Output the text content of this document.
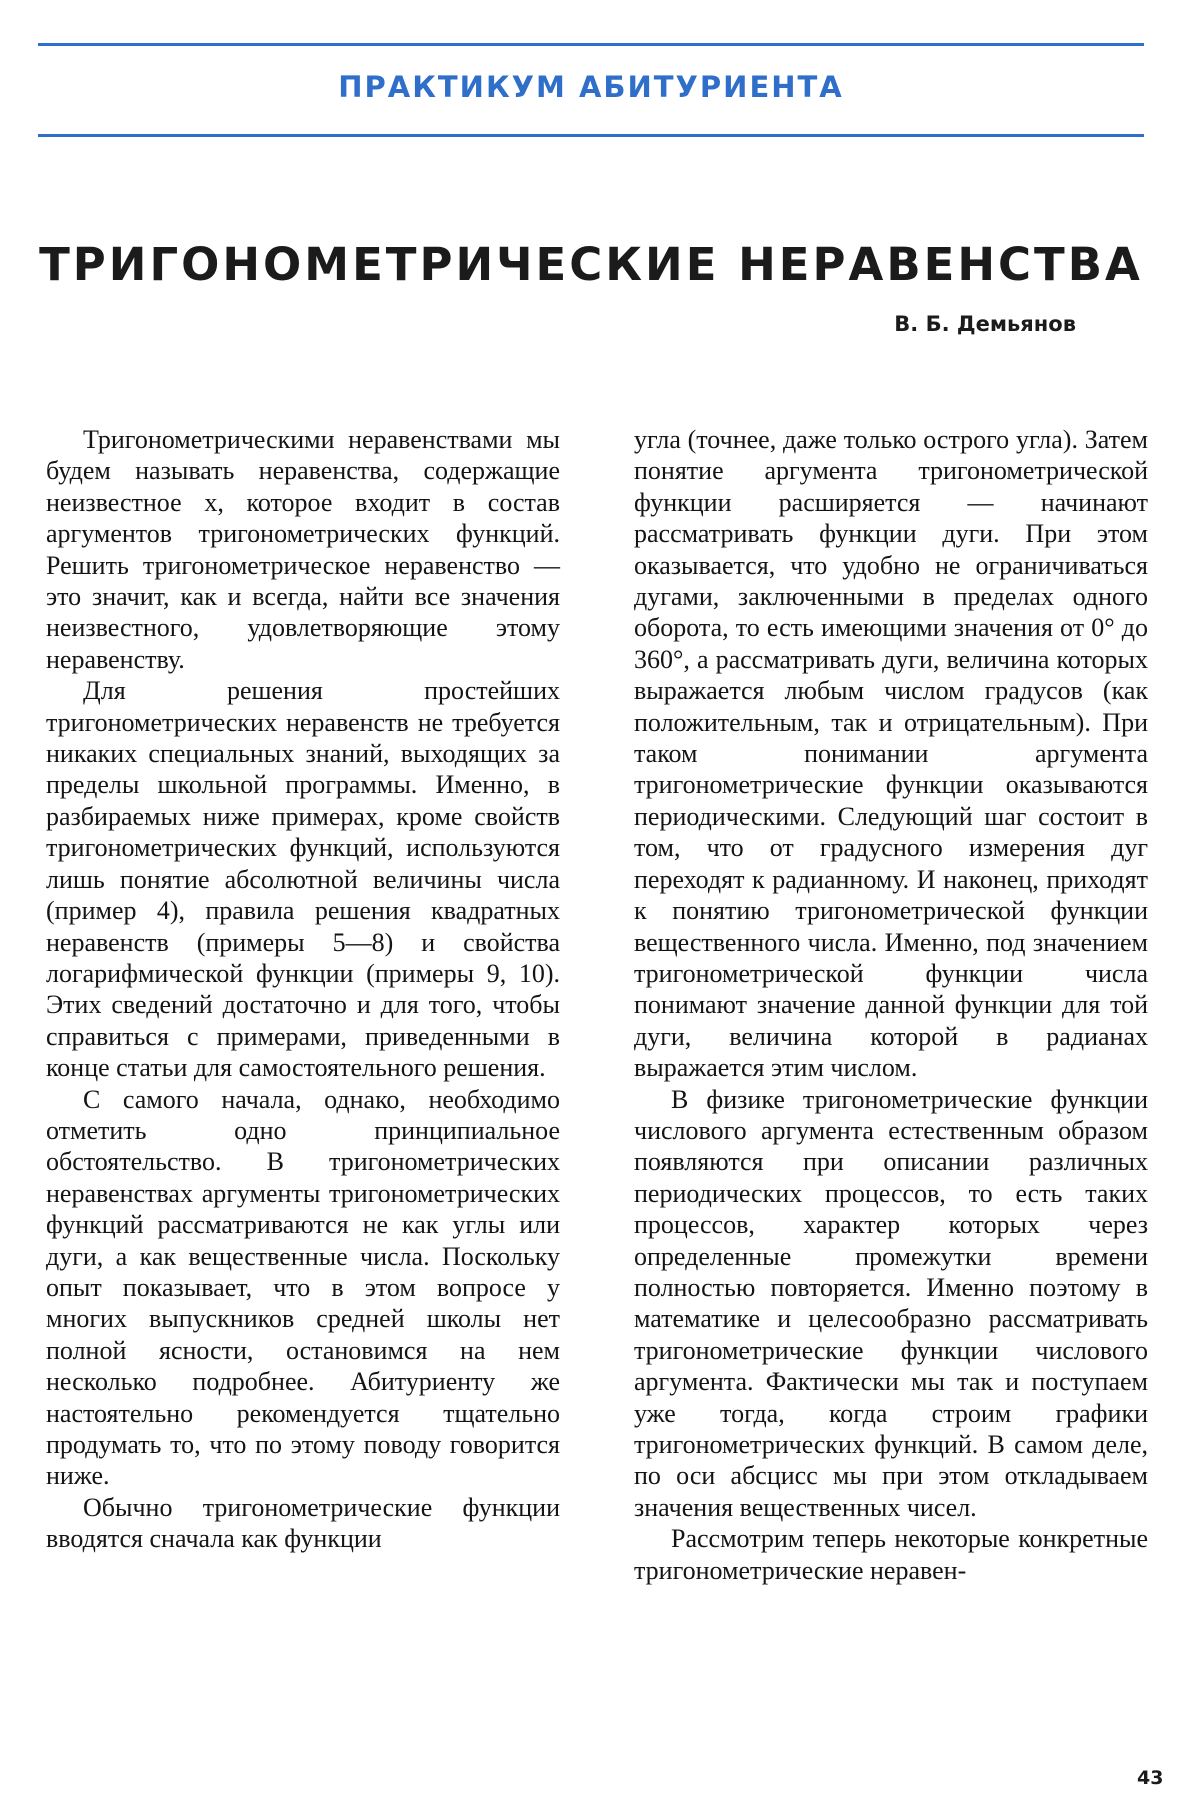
ПРАКТИКУМ АБИТУРИЕНТА
ТРИГОНОМЕТРИЧЕСКИЕ НЕРАВЕНСТВА
В. Б. Демьянов

Тригонометрическими неравенствами мы будем называть неравенства, содержащие неизвестное x, которое входит в состав аргументов тригонометрических функций. Решить тригонометрическое неравенство — это значит, как и всегда, найти все значения неизвестного, удовлетворяющие этому неравенству.

Для решения простейших тригонометрических неравенств не требуется никаких специальных знаний, выходящих за пределы школьной программы. Именно, в разбираемых ниже примерах, кроме свойств тригонометрических функций, используются лишь понятие абсолютной величины числа (пример 4), правила решения квадратных неравенств (примеры 5—8) и свойства логарифмической функции (примеры 9, 10). Этих сведений достаточно и для того, чтобы справиться с примерами, приведенными в конце статьи для самостоятельного решения.

С самого начала, однако, необходимо отметить одно принципиальное обстоятельство. В тригонометрических неравенствах аргументы тригонометрических функций рассматриваются не как углы или дуги, а как вещественные числа. Поскольку опыт показывает, что в этом вопросе у многих выпускников средней школы нет полной ясности, остановимся на нем несколько подробнее. Абитуриенту же настоятельно рекомендуется тщательно продумать то, что по этому поводу говорится ниже.

Обычно тригонометрические функции вводятся сначала как функции

угла (точнее, даже только острого угла). Затем понятие аргумента тригонометрической функции расширяется — начинают рассматривать функции дуги. При этом оказывается, что удобно не ограничиваться дугами, заключенными в пределах одного оборота, то есть имеющими значения от 0° до 360°, а рассматривать дуги, величина которых выражается любым числом градусов (как положительным, так и отрицательным). При таком понимании аргумента тригонометрические функции оказываются периодическими. Следующий шаг состоит в том, что от градусного измерения дуг переходят к радианному. И наконец, приходят к понятию тригонометрической функции вещественного числа. Именно, под значением тригонометрической функции числа понимают значение данной функции для той дуги, величина которой в радианах выражается этим числом.

В физике тригонометрические функции числового аргумента естественным образом появляются при описании различных периодических процессов, то есть таких процессов, характер которых через определенные промежутки времени полностью повторяется. Именно поэтому в математике и целесообразно рассматривать тригонометрические функции числового аргумента. Фактически мы так и поступаем уже тогда, когда строим графики тригонометрических функций. В самом деле, по оси абсцисс мы при этом откладываем значения вещественных чисел.

Рассмотрим теперь некоторые конкретные тригонометрические неравен-

43
